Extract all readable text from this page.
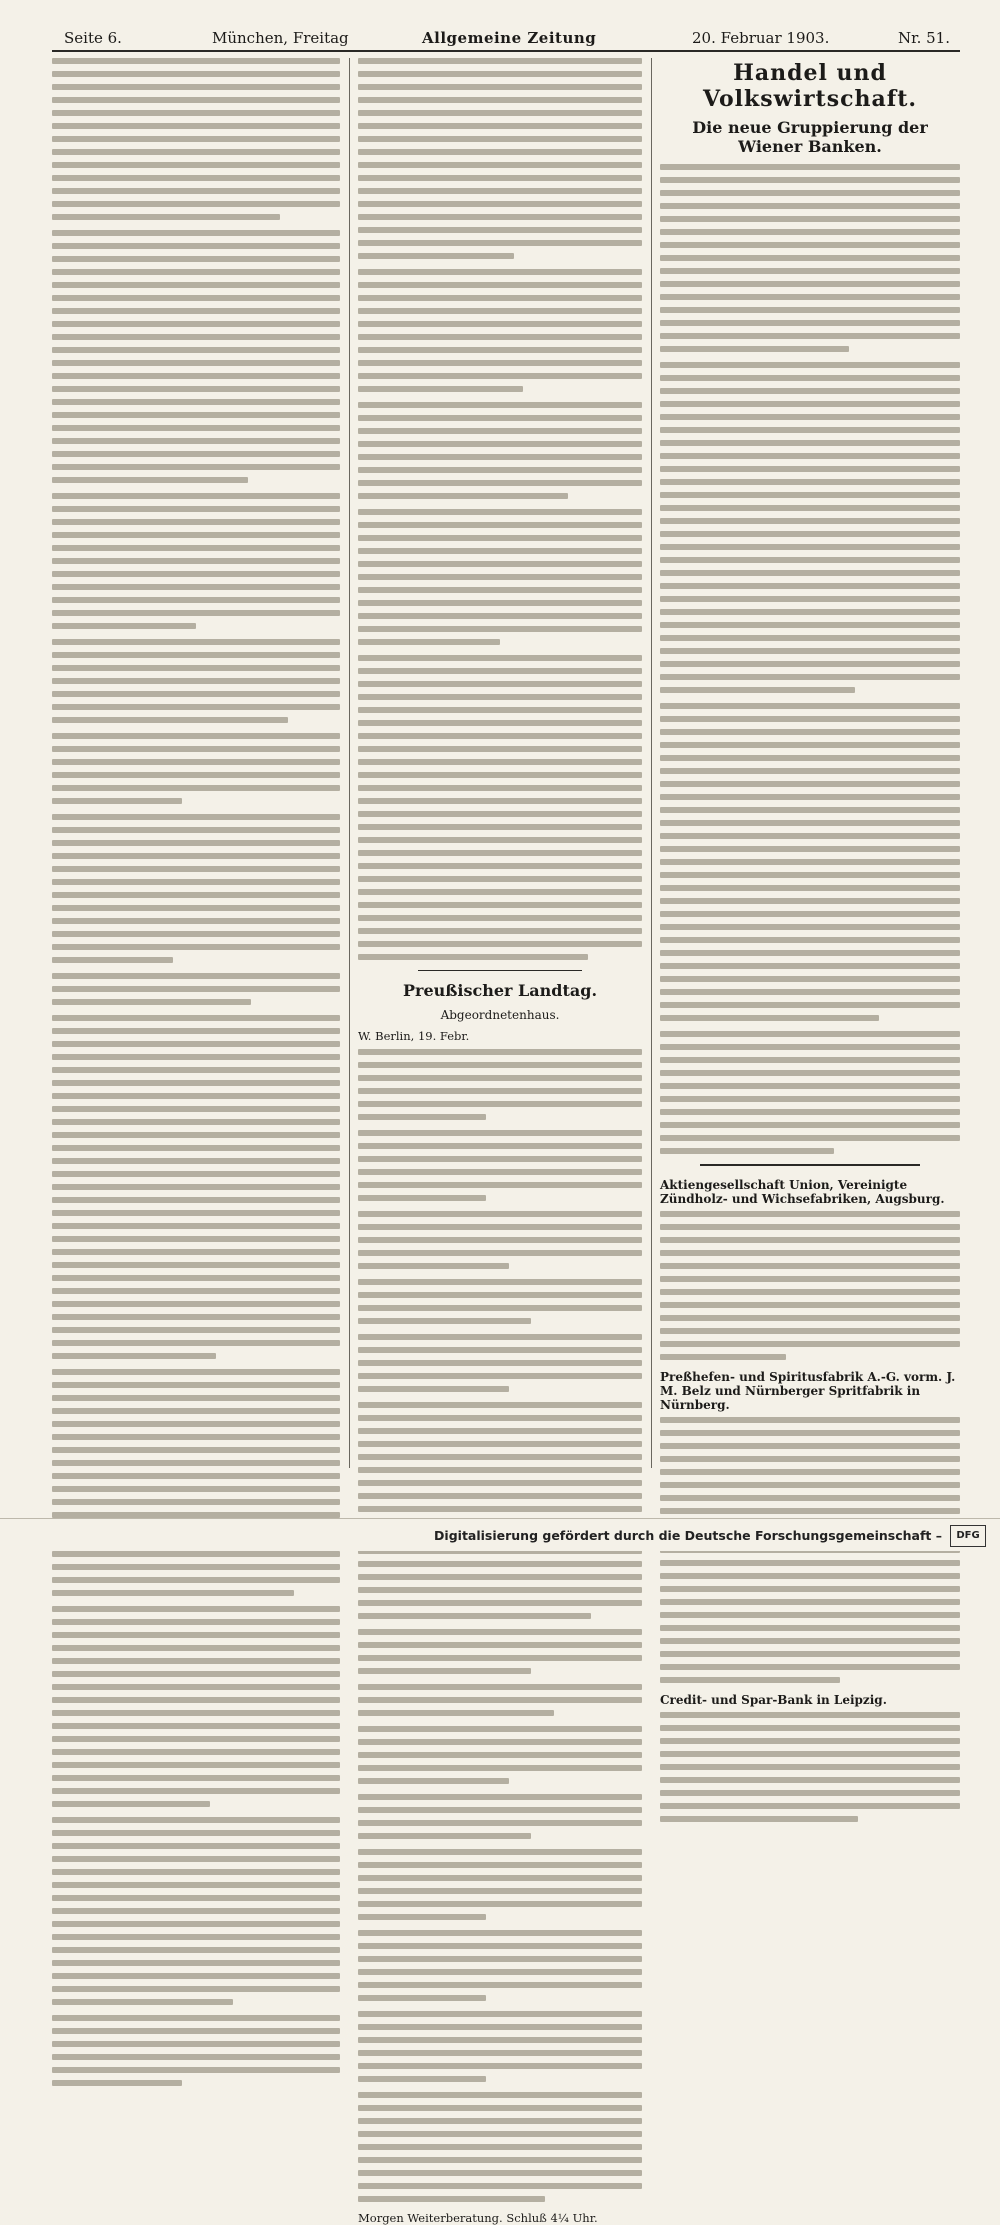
Seite 6.	München, Freitag	Allgemeine Zeitung	20. Februar 1903.	Nr. 51.
Preußischer Landtag.
Abgeordnetenhaus.
W. Berlin, 19. Febr.
Morgen Weiterberatung. Schluß 4¼ Uhr.
Handel und Volkswirtschaft.
Die neue Gruppierung der Wiener Banken.
Aktiengesellschaft Union, Vereinigte Zündholz- und Wichsefabriken, Augsburg.
Preßhefen- und Spiritusfabrik A.-G. vorm. J. M. Belz und Nürnberger Spritfabrik in Nürnberg.
Credit- und Spar-Bank in Leipzig.
Digitalisierung gefördert durch die Deutsche Forschungsgemeinschaft –	DFG
